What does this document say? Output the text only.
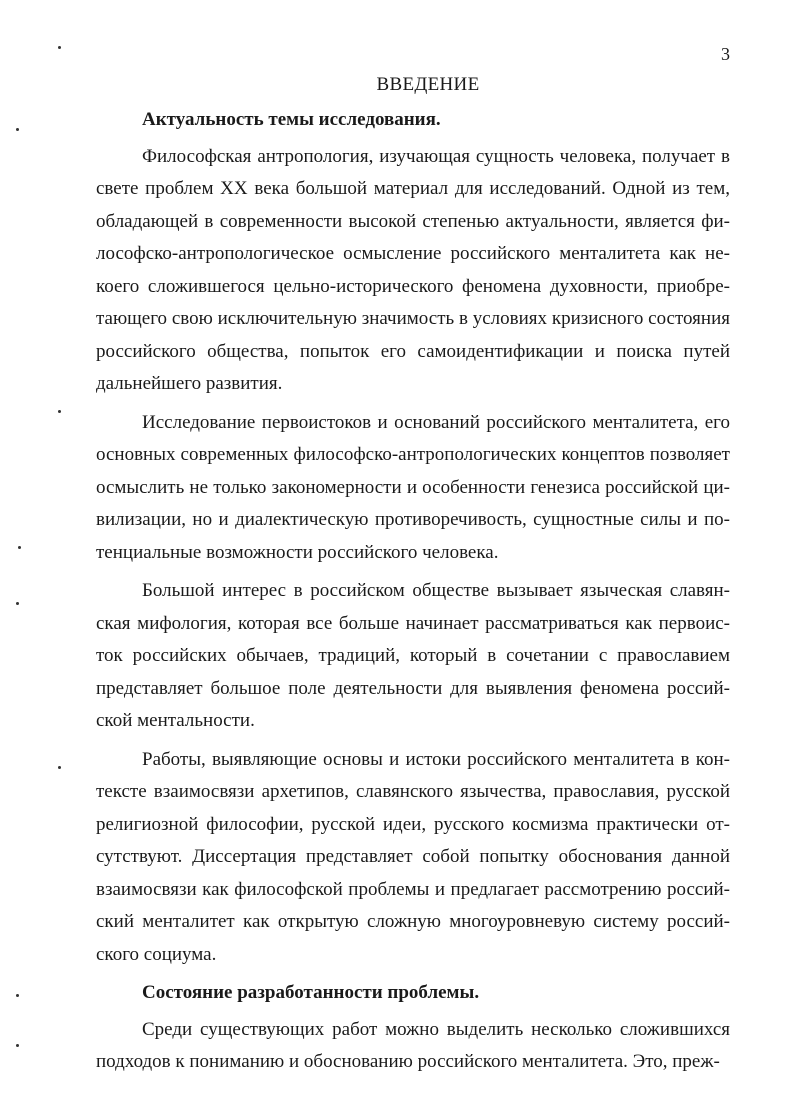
3
ВВЕДЕНИЕ
Актуальность темы исследования.

Философская антропология, изучающая сущность человека, получает в свете проблем XX века большой материал для исследований. Одной из тем, обладающей в современности высокой степенью актуальности, является философско-антропологическое осмысление российского менталитета как некоего сложившегося цельно-исторического феномена духовности, приобретающего свою исключительную значимость в условиях кризисного состояния российского общества, попыток его самоидентификации и поиска путей дальнейшего развития.

Исследование первоистоков и оснований российского менталитета, его основных современных философско-антропологических концептов позволяет осмыслить не только закономерности и особенности генезиса российской цивилизации, но и диалектическую противоречивость, сущностные силы и потенциальные возможности российского человека.

Большой интерес в российском обществе вызывает языческая славянская мифология, которая все больше начинает рассматриваться как первоисток российских обычаев, традиций, который в сочетании с православием представляет большое поле деятельности для выявления феномена российской ментальности.

Работы, выявляющие основы и истоки российского менталитета в контексте взаимосвязи архетипов, славянского язычества, православия, русской религиозной философии, русской идеи, русского космизма практически отсутствуют. Диссертация представляет собой попытку обоснования данной взаимосвязи как философской проблемы и предлагает рассмотрению российский менталитет как открытую сложную многоуровневую систему российского социума.

Состояние разработанности проблемы.

Среди существующих работ можно выделить несколько сложившихся подходов к пониманию и обоснованию российского менталитета. Это, преж-
